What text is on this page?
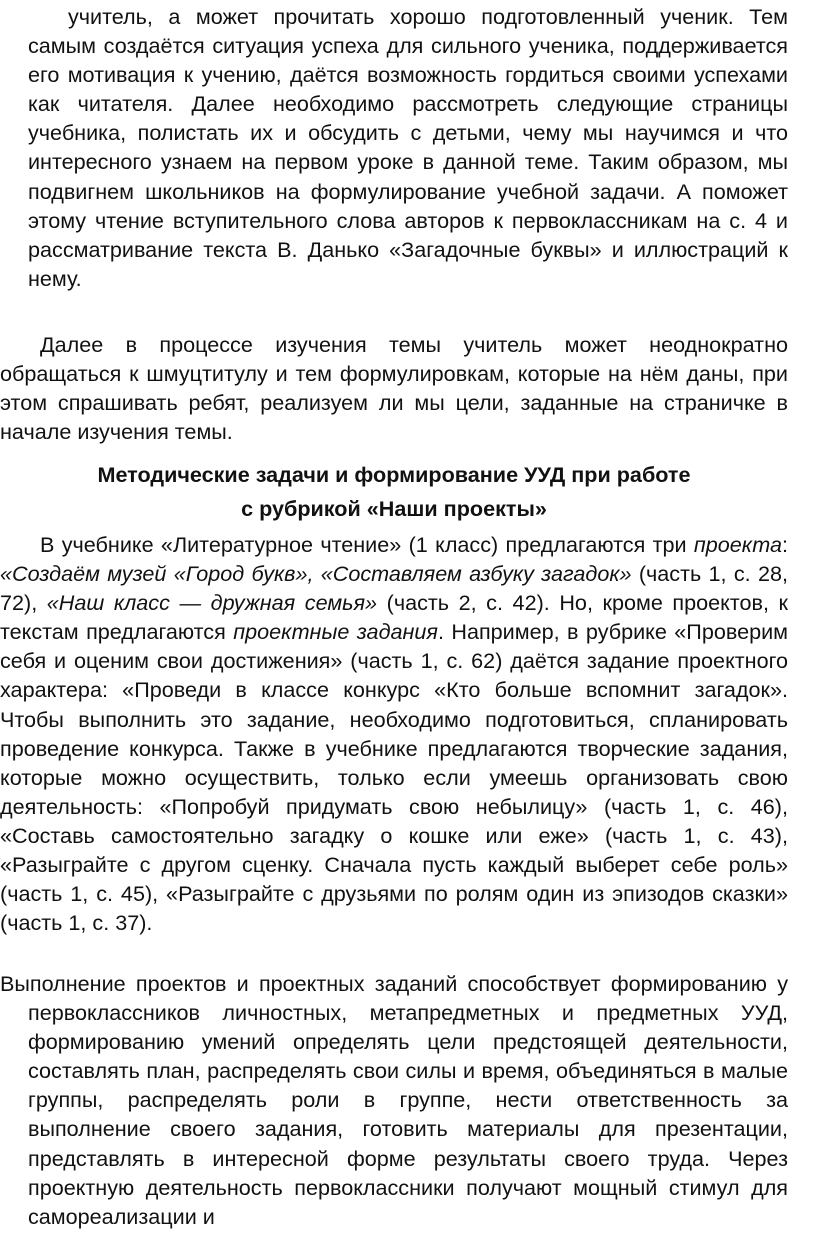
учитель, а может прочитать хорошо подготовленный ученик. Тем самым создаётся ситуация успеха для сильного ученика, поддерживается его мотивация к учению, даётся возможность гордиться своими успехами как читателя. Далее необходимо рассмотреть следующие страницы учебника, полистать их и обсудить с детьми, чему мы научимся и что интересного узнаем на первом уроке в данной теме. Таким образом, мы подвигнем школьников на формулирование учебной задачи. А поможет этому чтение вступительного слова авторов к первоклассникам на с. 4 и рассматривание текста В. Данько «Загадочные буквы» и иллюстраций к нему.

Далее в процессе изучения темы учитель может неоднократно обращаться к шмуцтитулу и тем формулировкам, которые на нём даны, при этом спрашивать ребят, реализуем ли мы цели, заданные на страничке в начале изучения темы.

Методические задачи и формирование УУД при работе
с рубрикой «Наши проекты»

В учебнике «Литературное чтение» (1 класс) предлагаются три проекта: «Создаём музей «Город букв», «Составляем азбуку загадок» (часть 1, с. 28, 72), «Наш класс — дружная семья» (часть 2, с. 42). Но, кроме проектов, к текстам предлагаются проектные задания. Например, в рубрике «Проверим себя и оценим свои достижения» (часть 1, с. 62) даётся задание проектного характера: «Проведи в классе конкурс «Кто больше вспомнит загадок». Чтобы выполнить это задание, необходимо подготовиться, спланировать проведение конкурса. Также в учебнике предлагаются творческие задания, которые можно осуществить, только если умеешь организовать свою деятельность: «Попробуй придумать свою небылицу» (часть 1, с. 46), «Составь самостоятельно загадку о кошке или еже» (часть 1, с. 43), «Разыграйте с другом сценку. Сначала пусть каждый выберет себе роль» (часть 1, с. 45), «Разыграйте с друзьями по ролям один из эпизодов сказки» (часть 1, с. 37).

Выполнение проектов и проектных заданий способствует формированию у первоклассников личностных, метапредметных и предметных УУД, формированию умений определять цели предстоящей деятельности, составлять план, распределять свои силы и время, объединяться в малые группы, распределять роли в группе, нести ответственность за выполнение своего задания, готовить материалы для презентации, представлять в интересной форме результаты своего труда. Через проектную деятельность первоклассники получают мощный стимул для самореализации и
